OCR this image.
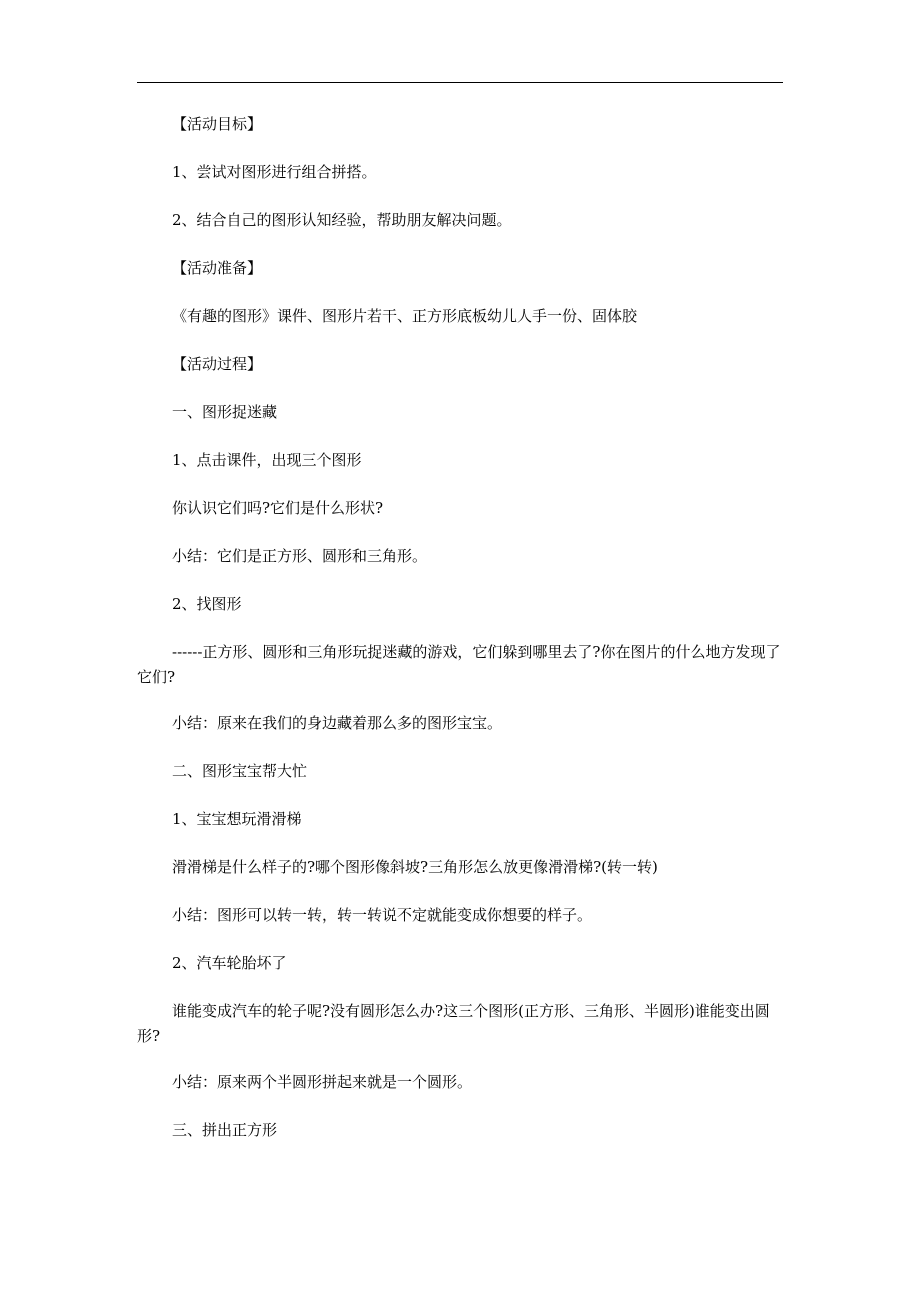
【活动目标】

1、尝试对图形进行组合拼搭。

2、结合自己的图形认知经验，帮助朋友解决问题。

【活动准备】

《有趣的图形》课件、图形片若干、正方形底板幼儿人手一份、固体胶

【活动过程】

一、图形捉迷藏

1、点击课件，出现三个图形

你认识它们吗?它们是什么形状?

小结：它们是正方形、圆形和三角形。

2、找图形

------正方形、圆形和三角形玩捉迷藏的游戏，它们躲到哪里去了?你在图片的什么地方发现了它们?

小结：原来在我们的身边藏着那么多的图形宝宝。

二、图形宝宝帮大忙

1、宝宝想玩滑滑梯

滑滑梯是什么样子的?哪个图形像斜坡?三角形怎么放更像滑滑梯?(转一转)

小结：图形可以转一转，转一转说不定就能变成你想要的样子。

2、汽车轮胎坏了

谁能变成汽车的轮子呢?没有圆形怎么办?这三个图形(正方形、三角形、半圆形)谁能变出圆形?

小结：原来两个半圆形拼起来就是一个圆形。

三、拼出正方形
